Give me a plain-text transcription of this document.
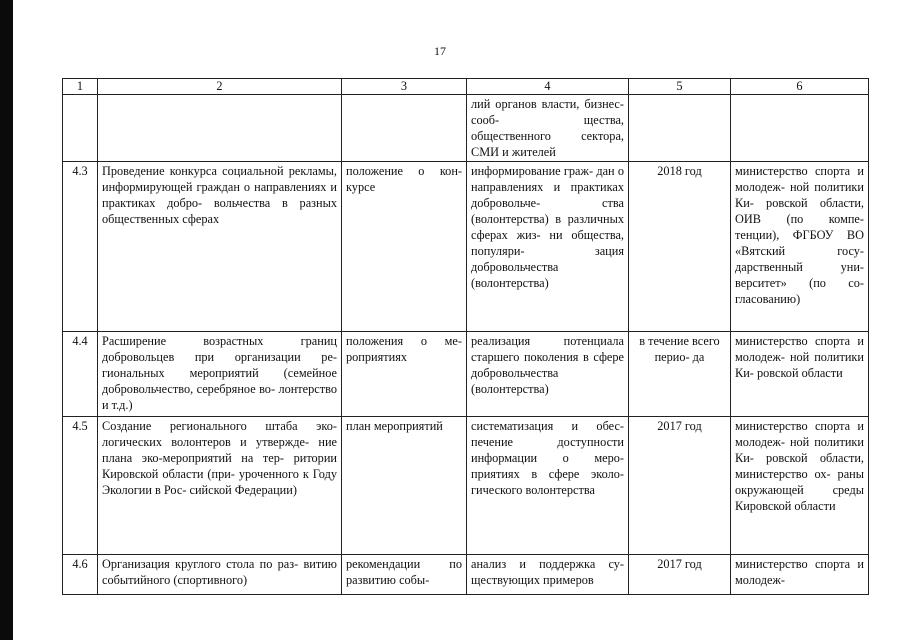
17
1	2	3	4	5	6
			лий органов власти, бизнес-сооб- щества, общественного сектора, СМИ и жителей		
4.3	Проведение конкурса социальной рекламы, информирующей граждан о направлениях и практиках добро- вольчества в разных общественных сферах	положение о кон- курсе	информирование граж- дан о направлениях и практиках добровольче- ства (волонтерства) в различных сферах жиз- ни общества, популяри- зация добровольчества (волонтерства)	2018 год	министерство спорта и молодеж- ной политики Ки- ровской области, ОИВ (по компе- тенции), ФГБОУ ВО «Вятский госу- дарственный уни- верситет» (по со- гласованию)
4.4	Расширение возрастных границ добровольцев при организации ре- гиональных мероприятий (семейное добровольчество, серебряное во- лонтерство и т.д.)	положения о ме- роприятиях	реализация потенциала старшего поколения в сфере добровольчества (волонтерства)	в течение всего перио- да	министерство спорта и молодеж- ной политики Ки- ровской области
4.5	Создание регионального штаба эко- логических волонтеров и утвержде- ние плана эко-мероприятий на тер- ритории Кировской области (при- уроченного к Году Экологии в Рос- сийской Федерации)	план мероприятий	систематизация и обес- печение доступности информации о меро- приятиях в сфере эколо- гического волонтерства	2017 год	министерство спорта и молодеж- ной политики Ки- ровской области, министерство ох- раны окружающей среды Кировской области
4.6	Организация круглого стола по раз- витию событийного (спортивного)	рекомендации по развитию собы-	анализ и поддержка су- ществующих примеров	2017 год	министерство спорта и молодеж-
